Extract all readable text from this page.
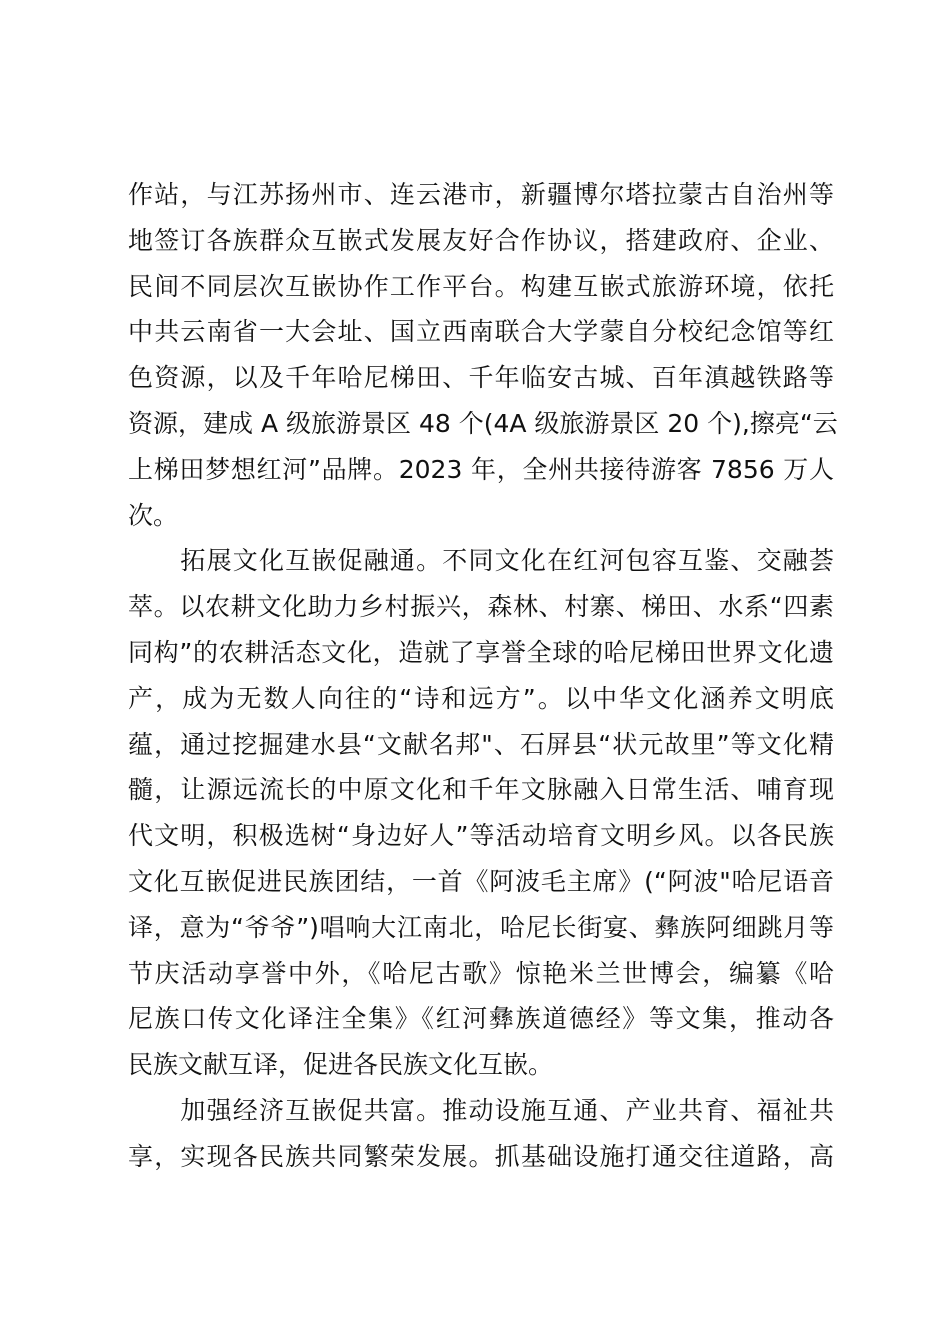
作站，与江苏扬州市、连云港市，新疆博尔塔拉蒙古自治州等
地签订各族群众互嵌式发展友好合作协议，搭建政府、企业、
民间不同层次互嵌协作工作平台。构建互嵌式旅游环境，依托
中共云南省一大会址、国立西南联合大学蒙自分校纪念馆等红
色资源，以及千年哈尼梯田、千年临安古城、百年滇越铁路等
资源，建成 A 级旅游景区 48 个(4A 级旅游景区 20 个),擦亮“云
上梯田梦想红河”品牌。2023 年，全州共接待游客 7856 万人
次。
　　拓展文化互嵌促融通。不同文化在红河包容互鉴、交融荟
萃。以农耕文化助力乡村振兴，森林、村寨、梯田、水系“四素
同构”的农耕活态文化，造就了享誉全球的哈尼梯田世界文化遗
产，成为无数人向往的“诗和远方”。以中华文化涵养文明底
蕴，通过挖掘建水县“文献名邦"、石屏县“状元故里”等文化精
髓，让源远流长的中原文化和千年文脉融入日常生活、哺育现
代文明，积极选树“身边好人”等活动培育文明乡风。以各民族
文化互嵌促进民族团结，一首《阿波毛主席》(“阿波"哈尼语音
译，意为“爷爷”)唱响大江南北，哈尼长街宴、彝族阿细跳月等
节庆活动享誉中外，《哈尼古歌》惊艳米兰世博会，编纂《哈
尼族口传文化译注全集》《红河彝族道德经》等文集，推动各
民族文献互译，促进各民族文化互嵌。
　　加强经济互嵌促共富。推动设施互通、产业共育、福祉共
享，实现各民族共同繁荣发展。抓基础设施打通交往道路，高
